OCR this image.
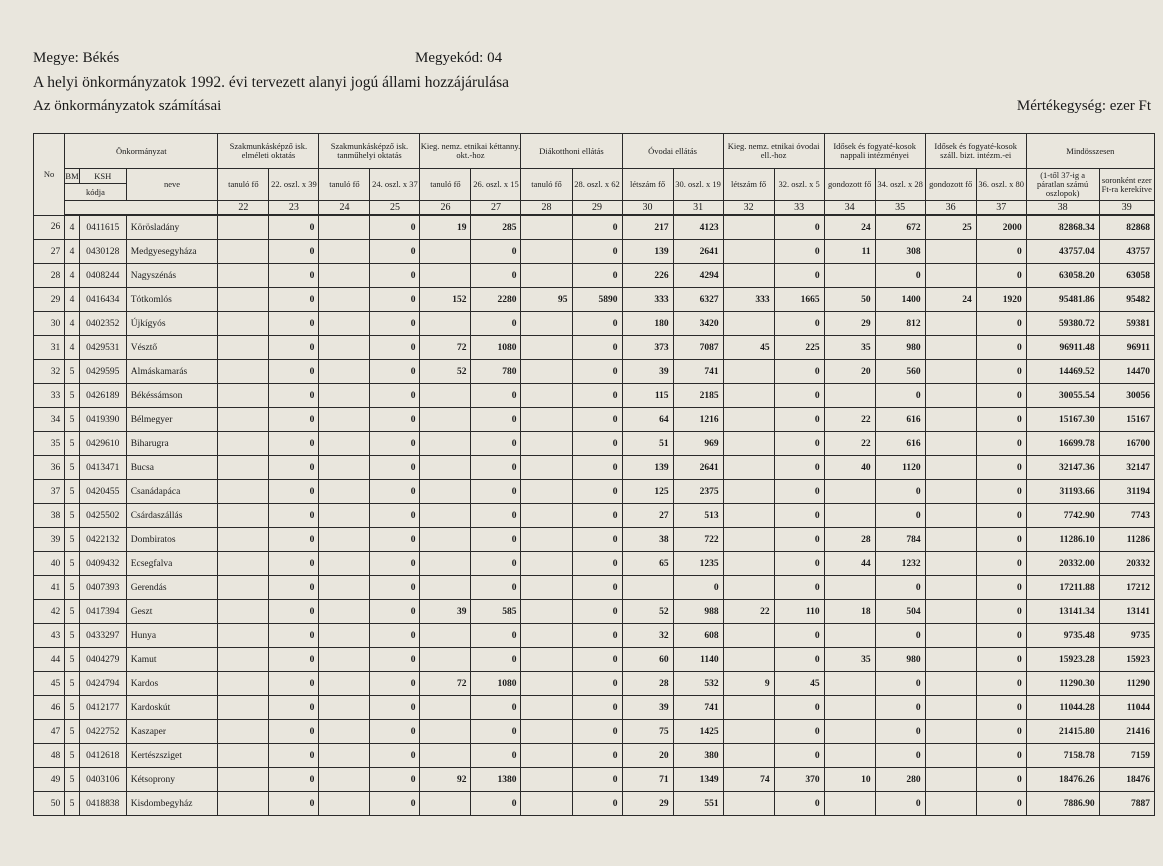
Megye: Békés	Megyekód: 04
A helyi önkormányzatok 1992. évi tervezett alanyi jogú állami hozzájárulása
Az önkormányzatok számításai	Mértékegység: ezer Ft
No	Önkormányzat			Szakmunkásképző isk. elméleti oktatás		Szakmunkásképző isk. tanműhelyi oktatás		Kieg. nemz. etnikai kéttanny. okt.-hoz		Diákotthoni ellátás		Óvodai ellátás		Kieg. nemz. etnikai óvodai ell.-hoz		Idősek és fogyaté-kosok nappali intézményei		Idősek és fogyaté-kosok száll. bizt. intézm.-ei		Mindösszesen	
	BM	KSH	neve	tanuló fő	22. oszl. x 39	tanuló fő	24. oszl. x 37	tanuló fő	26. oszl. x 15	tanuló fő	28. oszl. x 62	létszám fő	30. oszl. x 19	létszám fő	32. oszl. x 5	gondozott fő	34. oszl. x 28	gondozott fő	36. oszl. x 80	(1-től 37-ig a páratlan számú oszlopok)	soronként ezer Ft-ra kerekítve
	kódja																				
				22	23	24	25	26	27	28	29	30	31	32	33	34	35	36	37	38	39
26	4	0411615	Körösladány		0		0	19	285		0	217	4123		0	24	672	25	2000	82868.34	82868
27	4	0430128	Medgyesegyháza		0		0		0		0	139	2641		0	11	308		0	43757.04	43757
28	4	0408244	Nagyszénás		0		0		0		0	226	4294		0		0		0	63058.20	63058
29	4	0416434	Tótkomlós		0		0	152	2280	95	5890	333	6327	333	1665	50	1400	24	1920	95481.86	95482
30	4	0402352	Újkígyós		0		0		0		0	180	3420		0	29	812		0	59380.72	59381
31	4	0429531	Vésztő		0		0	72	1080		0	373	7087	45	225	35	980		0	96911.48	96911
32	5	0429595	Almáskamarás		0		0	52	780		0	39	741		0	20	560		0	14469.52	14470
33	5	0426189	Békéssámson		0		0		0		0	115	2185		0		0		0	30055.54	30056
34	5	0419390	Bélmegyer		0		0		0		0	64	1216		0	22	616		0	15167.30	15167
35	5	0429610	Biharugra		0		0		0		0	51	969		0	22	616		0	16699.78	16700
36	5	0413471	Bucsa		0		0		0		0	139	2641		0	40	1120		0	32147.36	32147
37	5	0420455	Csanádapáca		0		0		0		0	125	2375		0		0		0	31193.66	31194
38	5	0425502	Csárdaszállás		0		0		0		0	27	513		0		0		0	7742.90	7743
39	5	0422132	Dombiratos		0		0		0		0	38	722		0	28	784		0	11286.10	11286
40	5	0409432	Ecsegfalva		0		0		0		0	65	1235		0	44	1232		0	20332.00	20332
41	5	0407393	Gerendás		0		0		0		0		0		0		0		0	17211.88	17212
42	5	0417394	Geszt		0		0	39	585		0	52	988	22	110	18	504		0	13141.34	13141
43	5	0433297	Hunya		0		0		0		0	32	608		0		0		0	9735.48	9735
44	5	0404279	Kamut		0		0		0		0	60	1140		0	35	980		0	15923.28	15923
45	5	0424794	Kardos		0		0	72	1080		0	28	532	9	45		0		0	11290.30	11290
46	5	0412177	Kardoskút		0		0		0		0	39	741		0		0		0	11044.28	11044
47	5	0422752	Kaszaper		0		0		0		0	75	1425		0		0		0	21415.80	21416
48	5	0412618	Kertészsziget		0		0		0		0	20	380		0		0		0	7158.78	7159
49	5	0403106	Kétsoprony		0		0	92	1380		0	71	1349	74	370	10	280		0	18476.26	18476
50	5	0418838	Kisdombegyház		0		0		0		0	29	551		0		0		0	7886.90	7887
